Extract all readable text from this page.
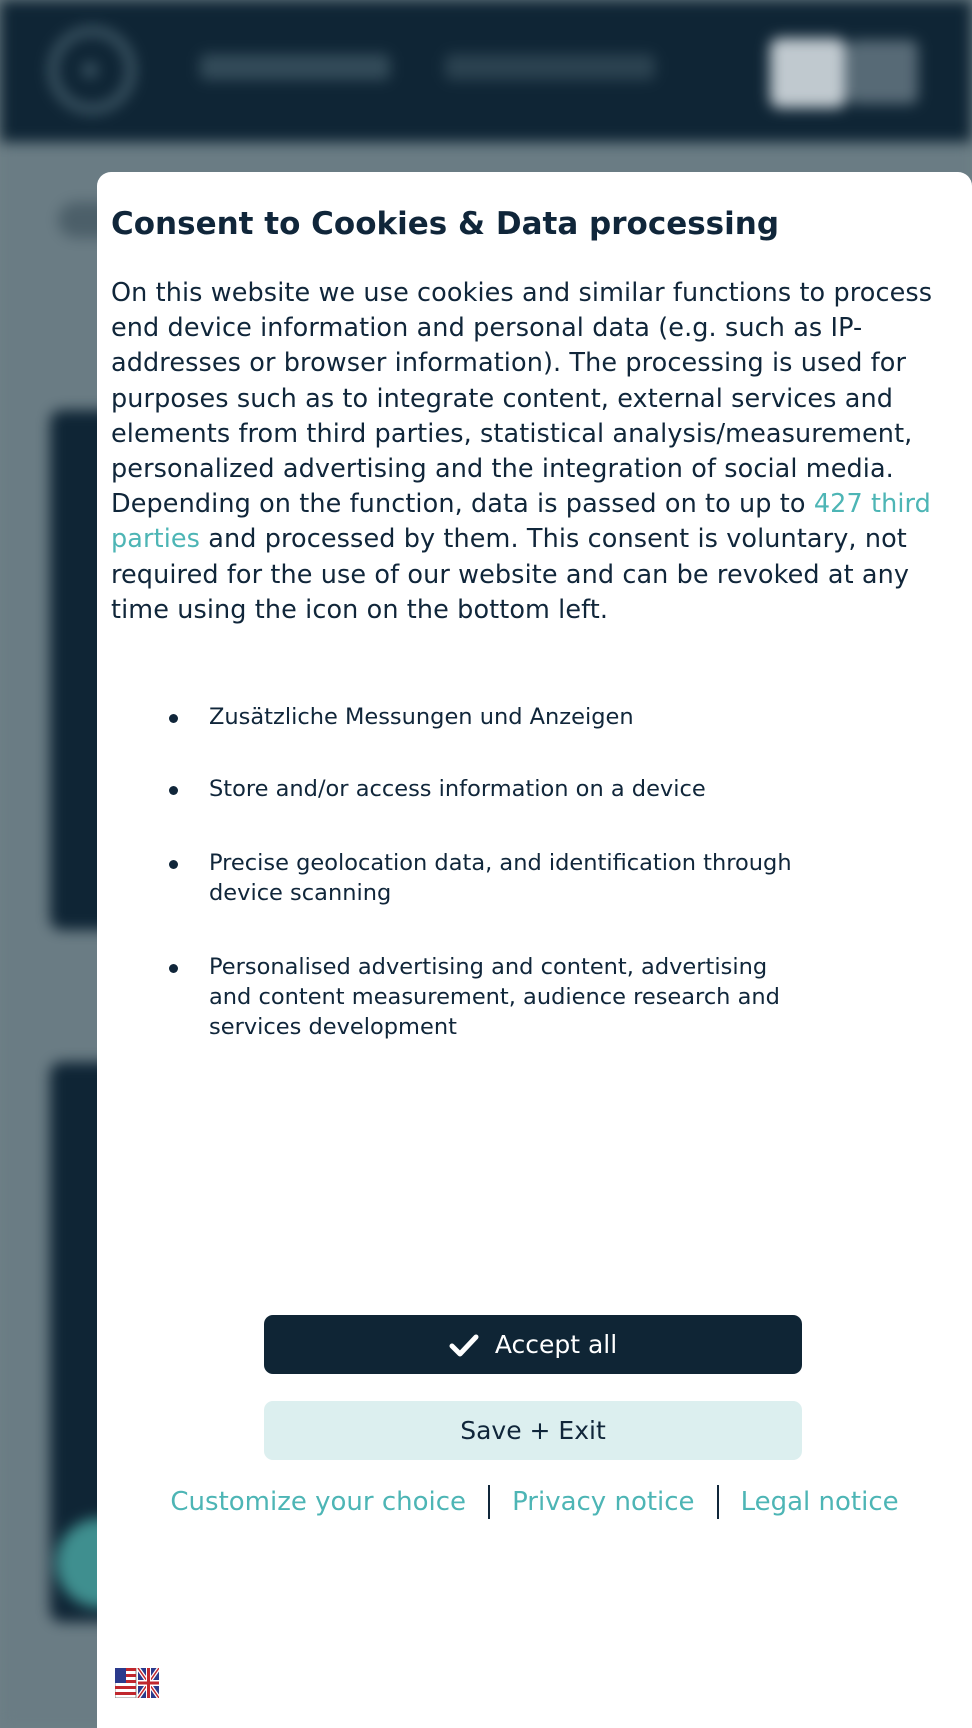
Consent to Cookies & Data processing

On this website we use cookies and similar functions to process end device information and personal data (e.g. such as IP-addresses or browser information). The processing is used for purposes such as to integrate content, external services and elements from third parties, statistical analysis/measurement, personalized advertising and the integration of social media. Depending on the function, data is passed on to up to 427 third parties and processed by them. This consent is voluntary, not required for the use of our website and can be revoked at any time using the icon on the bottom left.

Zusätzliche Messungen und Anzeigen
Store and/or access information on a device
Precise geolocation data, and identification through device scanning
Personalised advertising and content, advertising and content measurement, audience research and services development
Accept all
Save + Exit
Customize your choice Privacy notice Legal notice
